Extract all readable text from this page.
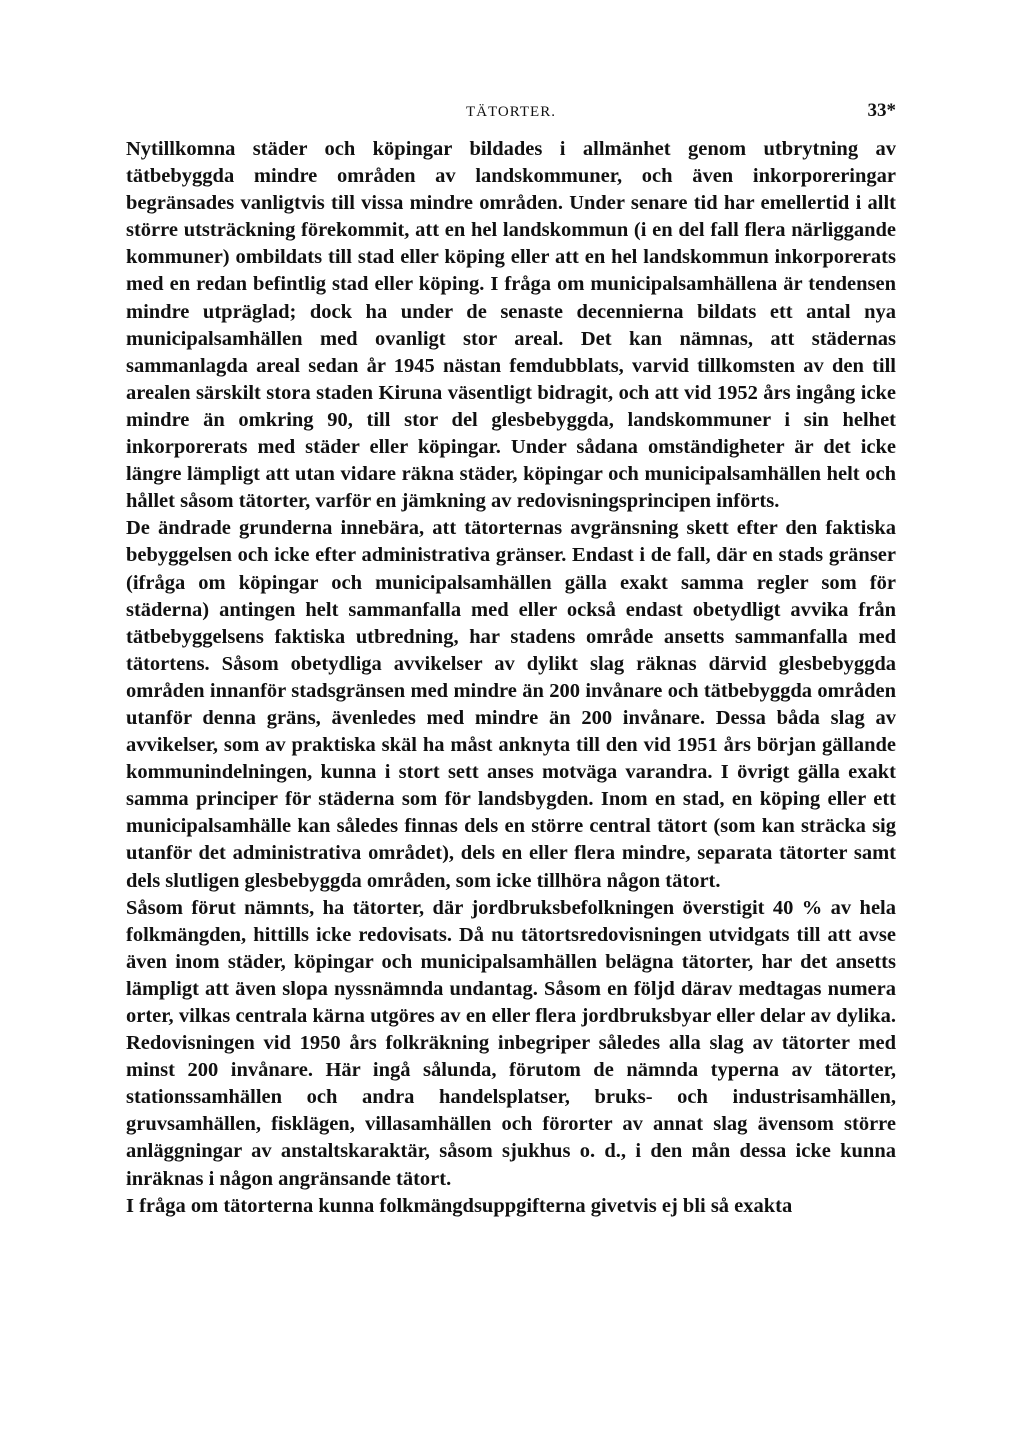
TÄTORTER.	33*

Nytillkomna städer och köpingar bildades i allmänhet genom utbrytning av tätbebyggda mindre områden av landskommuner, och även inkorporeringar begränsades vanligtvis till vissa mindre områden. Under senare tid har emellertid i allt större utsträckning förekommit, att en hel landskommun (i en del fall flera närliggande kommuner) ombildats till stad eller köping eller att en hel landskommun inkorporerats med en redan befintlig stad eller köping. I fråga om municipalsamhällena är tendensen mindre utpräglad; dock ha under de senaste decennierna bildats ett antal nya municipalsamhällen med ovanligt stor areal. Det kan nämnas, att städernas sammanlagda areal sedan år 1945 nästan femdubblats, varvid tillkomsten av den till arealen särskilt stora staden Kiruna väsentligt bidragit, och att vid 1952 års ingång icke mindre än omkring 90, till stor del glesbebyggda, landskommuner i sin helhet inkorporerats med städer eller köpingar. Under sådana omständigheter är det icke längre lämpligt att utan vidare räkna städer, köpingar och municipalsamhällen helt och hållet såsom tätorter, varför en jämkning av redovisningsprincipen införts.

De ändrade grunderna innebära, att tätorternas avgränsning skett efter den faktiska bebyggelsen och icke efter administrativa gränser. Endast i de fall, där en stads gränser (ifråga om köpingar och municipalsamhällen gälla exakt samma regler som för städerna) antingen helt sammanfalla med eller också endast obetydligt avvika från tätbebyggelsens faktiska utbredning, har stadens område ansetts sammanfalla med tätortens. Såsom obetydliga avvikelser av dylikt slag räknas därvid glesbebyggda områden innanför stadsgränsen med mindre än 200 invånare och tätbebyggda områden utanför denna gräns, ävenledes med mindre än 200 invånare. Dessa båda slag av avvikelser, som av praktiska skäl ha måst anknyta till den vid 1951 års början gällande kommunindelningen, kunna i stort sett anses motväga varandra. I övrigt gälla exakt samma principer för städerna som för landsbygden. Inom en stad, en köping eller ett municipalsamhälle kan således finnas dels en större central tätort (som kan sträcka sig utanför det administrativa området), dels en eller flera mindre, separata tätorter samt dels slutligen glesbebyggda områden, som icke tillhöra någon tätort.

Såsom förut nämnts, ha tätorter, där jordbruksbefolkningen överstigit 40 % av hela folkmängden, hittills icke redovisats. Då nu tätortsredovisningen utvidgats till att avse även inom städer, köpingar och municipalsamhällen belägna tätorter, har det ansetts lämpligt att även slopa nyssnämnda undantag. Såsom en följd därav medtagas numera orter, vilkas centrala kärna utgöres av en eller flera jordbruksbyar eller delar av dylika. Redovisningen vid 1950 års folkräkning inbegriper således alla slag av tätorter med minst 200 invånare. Här ingå sålunda, förutom de nämnda typerna av tätorter, stationssamhällen och andra handelsplatser, bruks- och industrisamhällen, gruvsamhällen, fisklägen, villasamhällen och förorter av annat slag ävensom större anläggningar av anstaltskaraktär, såsom sjukhus o. d., i den mån dessa icke kunna inräknas i någon angränsande tätort.

I fråga om tätorterna kunna folkmängdsuppgifterna givetvis ej bli så exakta
